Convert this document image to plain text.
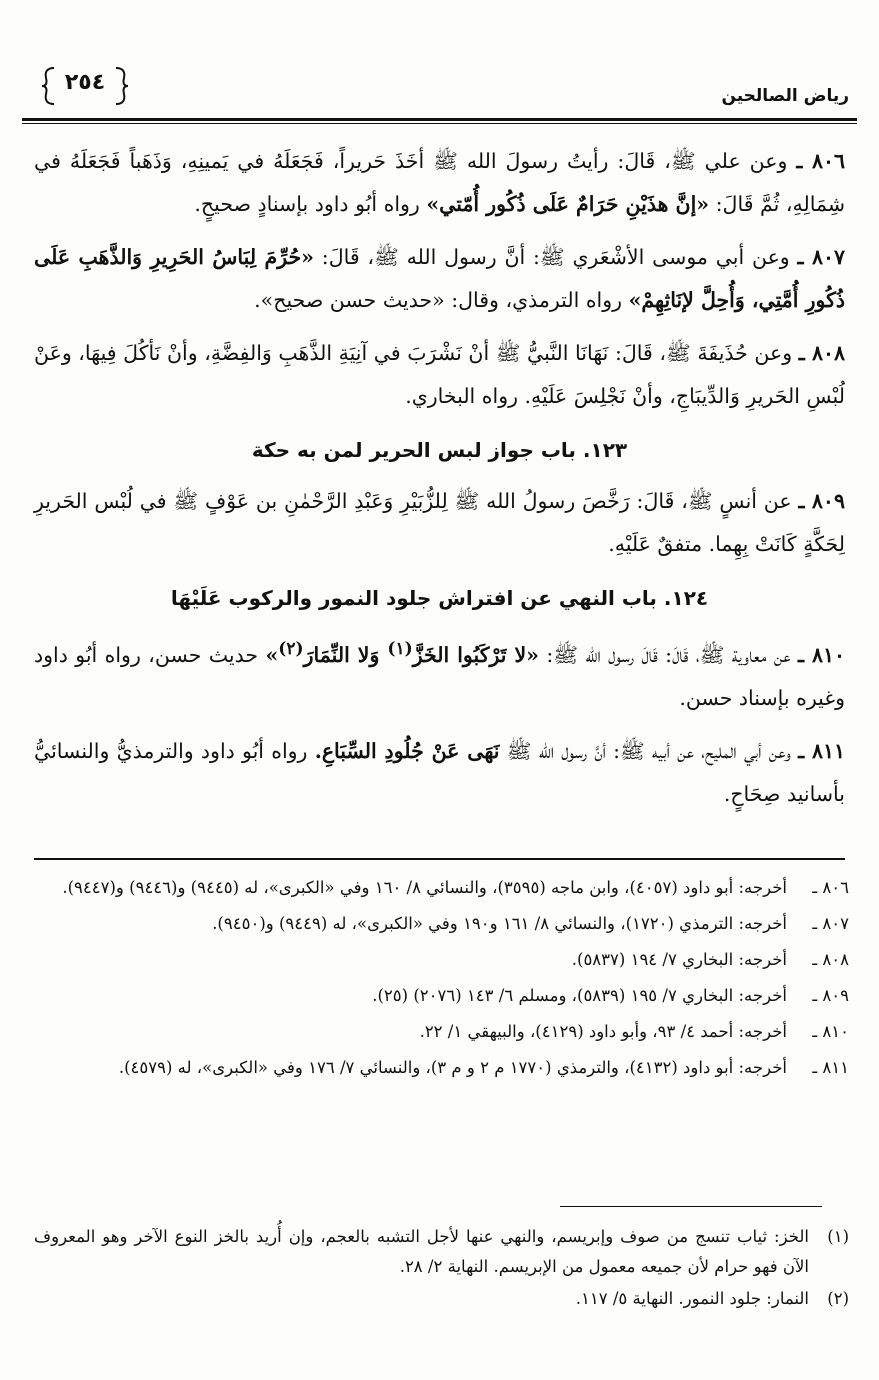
رياض الصالحين
٢٥٤

٨٠٦ ـ وعن علي ﷺ، قَالَ: رأيتُ رسولَ الله ﷺ أخَذَ حَريراً، فَجَعَلَهُ في يَمينِهِ، وَذَهَباً فَجَعَلَهُ في شِمَالِهِ، ثُمَّ قَالَ: «إنَّ هذَيْنِ حَرَامٌ عَلَى ذُكُور أُمّتي» رواه أبُو داود بإسنادٍ صحيحٍ.

٨٠٧ ـ وعن أبي موسى الأشْعَري ﷺ: أنَّ رسول الله ﷺ، قَالَ: «حُرِّمَ لِبَاسُ الحَرِيرِ وَالذَّهَبِ عَلَى ذُكُورِ أُمَّتِي، وَأُحِلَّ لإنَاثِهِمْ» رواه الترمذي، وقال: «حديث حسن صحيح».

٨٠٨ ـ وعن حُذَيفَةَ ﷺ، قَالَ: نَهَانَا النَّبيُّ ﷺ أنْ نَشْرَبَ في آنِيَةِ الذَّهَبِ وَالفِضَّةِ، وأنْ نَأكُلَ فِيهَا، وعَنْ لُبْسِ الحَريرِ وَالدِّيبَاجِ، وأنْ نَجْلِسَ عَلَيْهِ. رواه البخاري.

١٢٣. باب جواز لبس الحرير لمن به حكة

٨٠٩ ـ عن أنسٍ ﷺ، قَالَ: رَخَّصَ رسولُ الله ﷺ لِلزُّبَيْرِ وَعَبْدِ الرَّحْمٰنِ بن عَوْفٍ ﷺ في لُبْس الحَريرِ لِحَكَّةٍ كَانَتْ بِهِما. متفقٌ عَلَيْهِ.

١٢٤. باب النهي عن افتراش جلود النمور والركوب عَلَيْهَا

٨١٠ ـ عن معاوية ﷺ، قَالَ: قَالَ رسول الله ﷺ: «لا تَرْكَبُوا الخَزَّ$^{(١)}$ وَلا النِّمَارَ$^{(٢)}$» حديث حسن، رواه أبُو داود وغيره بإسناد حسن.

٨١١ ـ وعن أبي المليح، عن أبيه ﷺ: أنَّ رسول الله ﷺ نَهَى عَنْ جُلُودِ السِّبَاعِ. رواه أبُو داود والترمذيُّ والنسائيُّ بأسانيد صِحَاحٍ.

٨٠٦ ـ
أخرجه: أبو داود (٤٠٥٧)، وابن ماجه (٣٥٩٥)، والنسائي ٨/ ١٦٠ وفي «الكبرى»، له (٩٤٤٥) و(٩٤٤٦) و(٩٤٤٧).
٨٠٧ ـ
أخرجه: الترمذي (١٧٢٠)، والنسائي ٨/ ١٦١ و١٩٠ وفي «الكبرى»، له (٩٤٤٩) و(٩٤٥٠).
٨٠٨ ـ
أخرجه: البخاري ٧/ ١٩٤ (٥٨٣٧).
٨٠٩ ـ
أخرجه: البخاري ٧/ ١٩٥ (٥٨٣٩)، ومسلم ٦/ ١٤٣ (٢٠٧٦) (٢٥).
٨١٠ ـ
أخرجه: أحمد ٤/ ٩٣، وأبو داود (٤١٢٩)، والبيهقي ١/ ٢٢.
٨١١ ـ
أخرجه: أبو داود (٤١٣٢)، والترمذي (١٧٧٠ م ٢ و م ٣)، والنسائي ٧/ ١٧٦ وفي «الكبرى»، له (٤٥٧٩).
(١)
الخز: ثياب تنسج من صوف وإبريسم، والنهي عنها لأجل التشبه بالعجم، وإن أُريد بالخز النوع الآخر وهو المعروف الآن فهو حرام لأن جميعه معمول من الإبريسم. النهاية ٢/ ٢٨.
(٢)
النمار: جلود النمور. النهاية ٥/ ١١٧.
